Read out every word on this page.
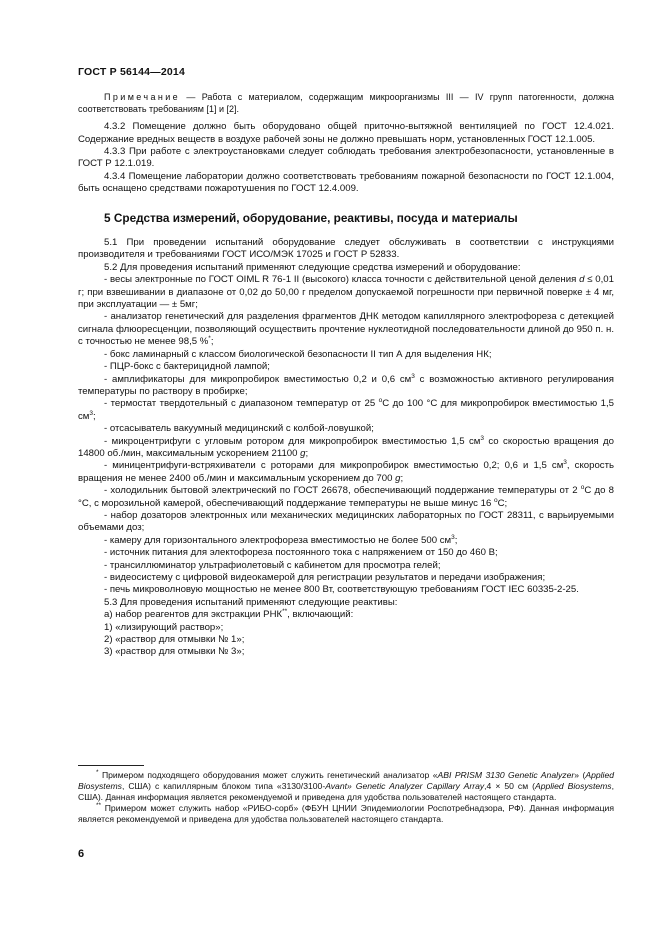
ГОСТ Р 56144—2014

Примечание — Работа с материалом, содержащим микроорганизмы III — IV групп патогенности, должна соответствовать требованиям [1] и [2].

4.3.2 Помещение должно быть оборудовано общей приточно-вытяжной вентиляцией по ГОСТ 12.4.021. Содержание вредных веществ в воздухе рабочей зоны не должно превышать норм, установленных ГОСТ 12.1.005.

4.3.3 При работе с электроустановками следует соблюдать требования электробезопасности, установленные в ГОСТ Р 12.1.019.

4.3.4 Помещение лаборатории должно соответствовать требованиям пожарной безопасности по ГОСТ 12.1.004, быть оснащено средствами пожаротушения по ГОСТ 12.4.009.

5 Средства измерений, оборудование, реактивы, посуда и материалы

5.1 При проведении испытаний оборудование следует обслуживать в соответствии с инструкциями производителя и требованиями ГОСТ ИСО/МЭК 17025 и ГОСТ Р 52833.

5.2 Для проведения испытаний применяют следующие средства измерений и оборудование:

- весы электронные по ГОСТ OIML R 76-1 II (высокого) класса точности с действительной ценой деления d ≤ 0,01 г; при взвешивании в диапазоне от 0,02 до 50,00 г пределом допускаемой погрешности при первичной поверке ± 4 мг, при эксплуатации — ± 5мг;

- анализатор генетический для разделения фрагментов ДНК методом капиллярного электрофореза с детекцией сигнала флюоресценции, позволяющий осуществить прочтение нуклеотидной последовательности длиной до 950 п. н. с точностью не менее 98,5 %*;

- бокс ламинарный с классом биологической безопасности II тип А для выделения НК;

- ПЦР-бокс с бактерицидной лампой;

- амплификаторы для микропробирок вместимостью 0,2 и 0,6 $см^3$ с возможностью активного регулирования температуры по раствору в пробирке;

- термостат твердотельный с диапазоном температур от 25 $^o$С до 100 °С для микропробирок вместимостью 1,5 $см^3$;

- отсасыватель вакуумный медицинский с колбой-ловушкой;

- микроцентрифуги с угловым ротором для микропробирок вместимостью 1,5 $см^3$ со скоростью вращения до 14800 об./мин, максимальным ускорением 21100 g;

- миницентрифуги-встряхиватели с роторами для микропробирок вместимостью 0,2; 0,6 и 1,5 $см^3$, скорость вращения не менее 2400 об./мин и максимальным ускорением до 700 g;

- холодильник бытовой электрический по ГОСТ 26678, обеспечивающий поддержание температуры от 2 $^o$С до 8 °С, с морозильной камерой, обеспечивающий поддержание температуры не выше минус 16 $^o$С;

- набор дозаторов электронных или механических медицинских лабораторных по ГОСТ 28311, с варьируемыми объемами доз;

- камеру для горизонтального электрофореза вместимостью не более 500 $см^3$;

- источник питания для электофореза постоянного тока с напряжением от 150 до 460 В;

- трансиллюминатор ультрафиолетовый с кабинетом для просмотра гелей;

- видеосистему с цифровой видеокамерой для регистрации результатов и передачи изображения;

- печь микроволновую мощностью не менее 800 Вт, соответствующую требованиям ГОСТ IEC 60335-2-25.

5.3 Для проведения испытаний применяют следующие реактивы:

а) набор реагентов для экстракции РНК**, включающий:

1) «лизирующий раствор»;

2) «раствор для отмывки № 1»;

3) «раствор для отмывки № 3»;

* Примером подходящего оборудования может служить генетический анализатор «ABI PRISM 3130 Genetic Analyzer» (Applied Biosystems, США) с капиллярным блоком типа «3130/3100-Avant» Genetic Analyzer Capillary Array,4 × 50 см (Applied Biosystems, США). Данная информация является рекомендуемой и приведена для удобства пользователей настоящего стандарта.

** Примером может служить набор «РИБО-сорб» (ФБУН ЦНИИ Эпидемиологии Роспотребнадзора, РФ). Данная информация является рекомендуемой и приведена для удобства пользователей настоящего стандарта.

6
